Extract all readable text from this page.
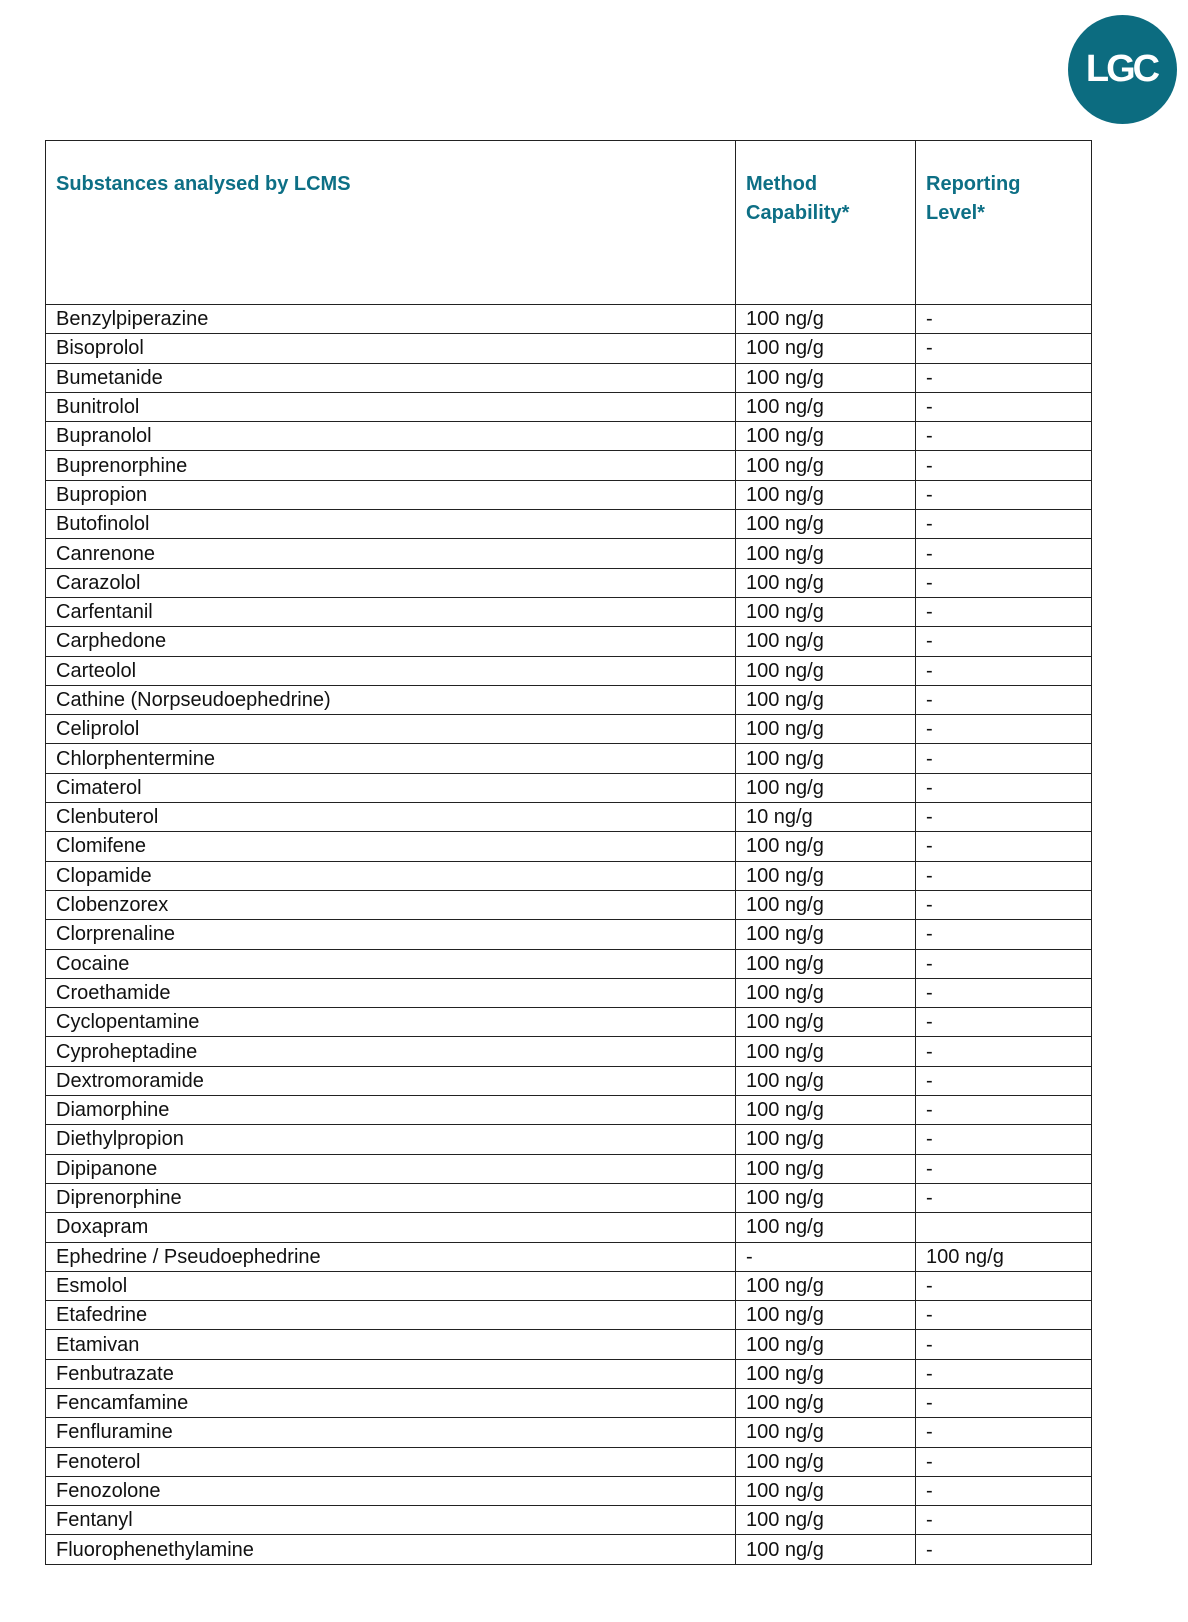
LGC
Substances analysed by LCMS	Method Capability*	Reporting Level*
Benzylpiperazine	100 ng/g	-
Bisoprolol	100 ng/g	-
Bumetanide	100 ng/g	-
Bunitrolol	100 ng/g	-
Bupranolol	100 ng/g	-
Buprenorphine	100 ng/g	-
Bupropion	100 ng/g	-
Butofinolol	100 ng/g	-
Canrenone	100 ng/g	-
Carazolol	100 ng/g	-
Carfentanil	100 ng/g	-
Carphedone	100 ng/g	-
Carteolol	100 ng/g	-
Cathine (Norpseudoephedrine)	100 ng/g	-
Celiprolol	100 ng/g	-
Chlorphentermine	100 ng/g	-
Cimaterol	100 ng/g	-
Clenbuterol	10 ng/g	-
Clomifene	100 ng/g	-
Clopamide	100 ng/g	-
Clobenzorex	100 ng/g	-
Clorprenaline	100 ng/g	-
Cocaine	100 ng/g	-
Croethamide	100 ng/g	-
Cyclopentamine	100 ng/g	-
Cyproheptadine	100 ng/g	-
Dextromoramide	100 ng/g	-
Diamorphine	100 ng/g	-
Diethylpropion	100 ng/g	-
Dipipanone	100 ng/g	-
Diprenorphine	100 ng/g	-
Doxapram	100 ng/g	
Ephedrine / Pseudoephedrine	-	100 ng/g
Esmolol	100 ng/g	-
Etafedrine	100 ng/g	-
Etamivan	100 ng/g	-
Fenbutrazate	100 ng/g	-
Fencamfamine	100 ng/g	-
Fenfluramine	100 ng/g	-
Fenoterol	100 ng/g	-
Fenozolone	100 ng/g	-
Fentanyl	100 ng/g	-
Fluorophenethylamine	100 ng/g	-
